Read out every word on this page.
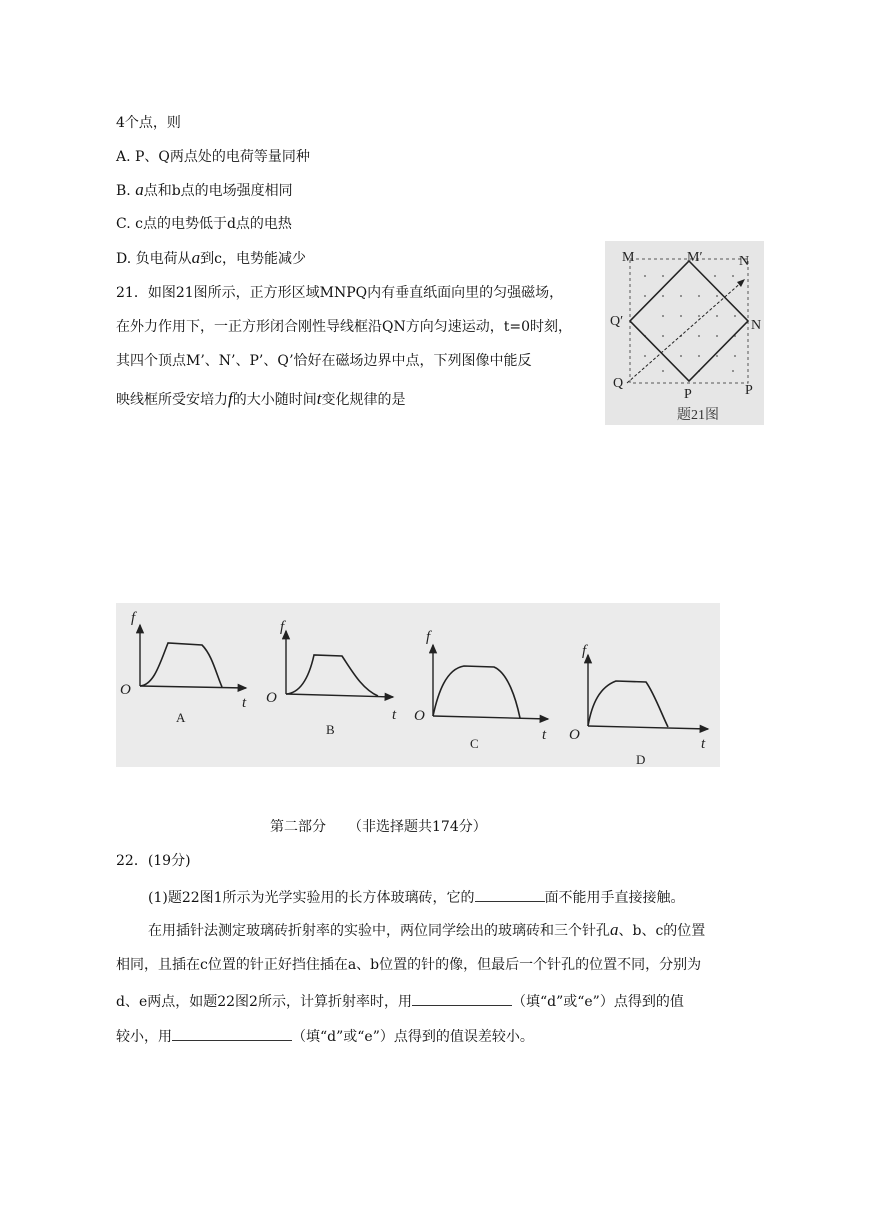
4个点，则
A. P、Q两点处的电荷等量同种
B. a点和b点的电场强度相同
C. c点的电势低于d点的电热
D. 负电荷从a到c，电势能减少
21．如图21图所示，正方形区域MNPQ内有垂直纸面向里的匀强磁场，
在外力作用下，一正方形闭合刚性导线框沿QN方向匀速运动，t=0时刻，
其四个顶点M’、N’、P’、Q’恰好在磁场边界中点，下列图像中能反
映线框所受安培力f的大小随时间t变化规律的是
M	M′	N
N
Q′
Q
P	P
题21图
f
O
t
A
f
O
t
B
f
O
t
C
f
O
t
D
第二部分 （非选择题共174分）
22．(19分)
(1)题22图1所示为光学实验用的长方体玻璃砖，它的	面不能用手直接接触。
在用插针法测定玻璃砖折射率的实验中，两位同学绘出的玻璃砖和三个针孔a、b、c的位置
相同，且插在c位置的针正好挡住插在a、b位置的针的像，但最后一个针孔的位置不同，分别为
d、e两点，如题22图2所示，计算折射率时，用	（填“d”或“e”）点得到的值
较小，用	（填“d”或“e”）点得到的值误差较小。
